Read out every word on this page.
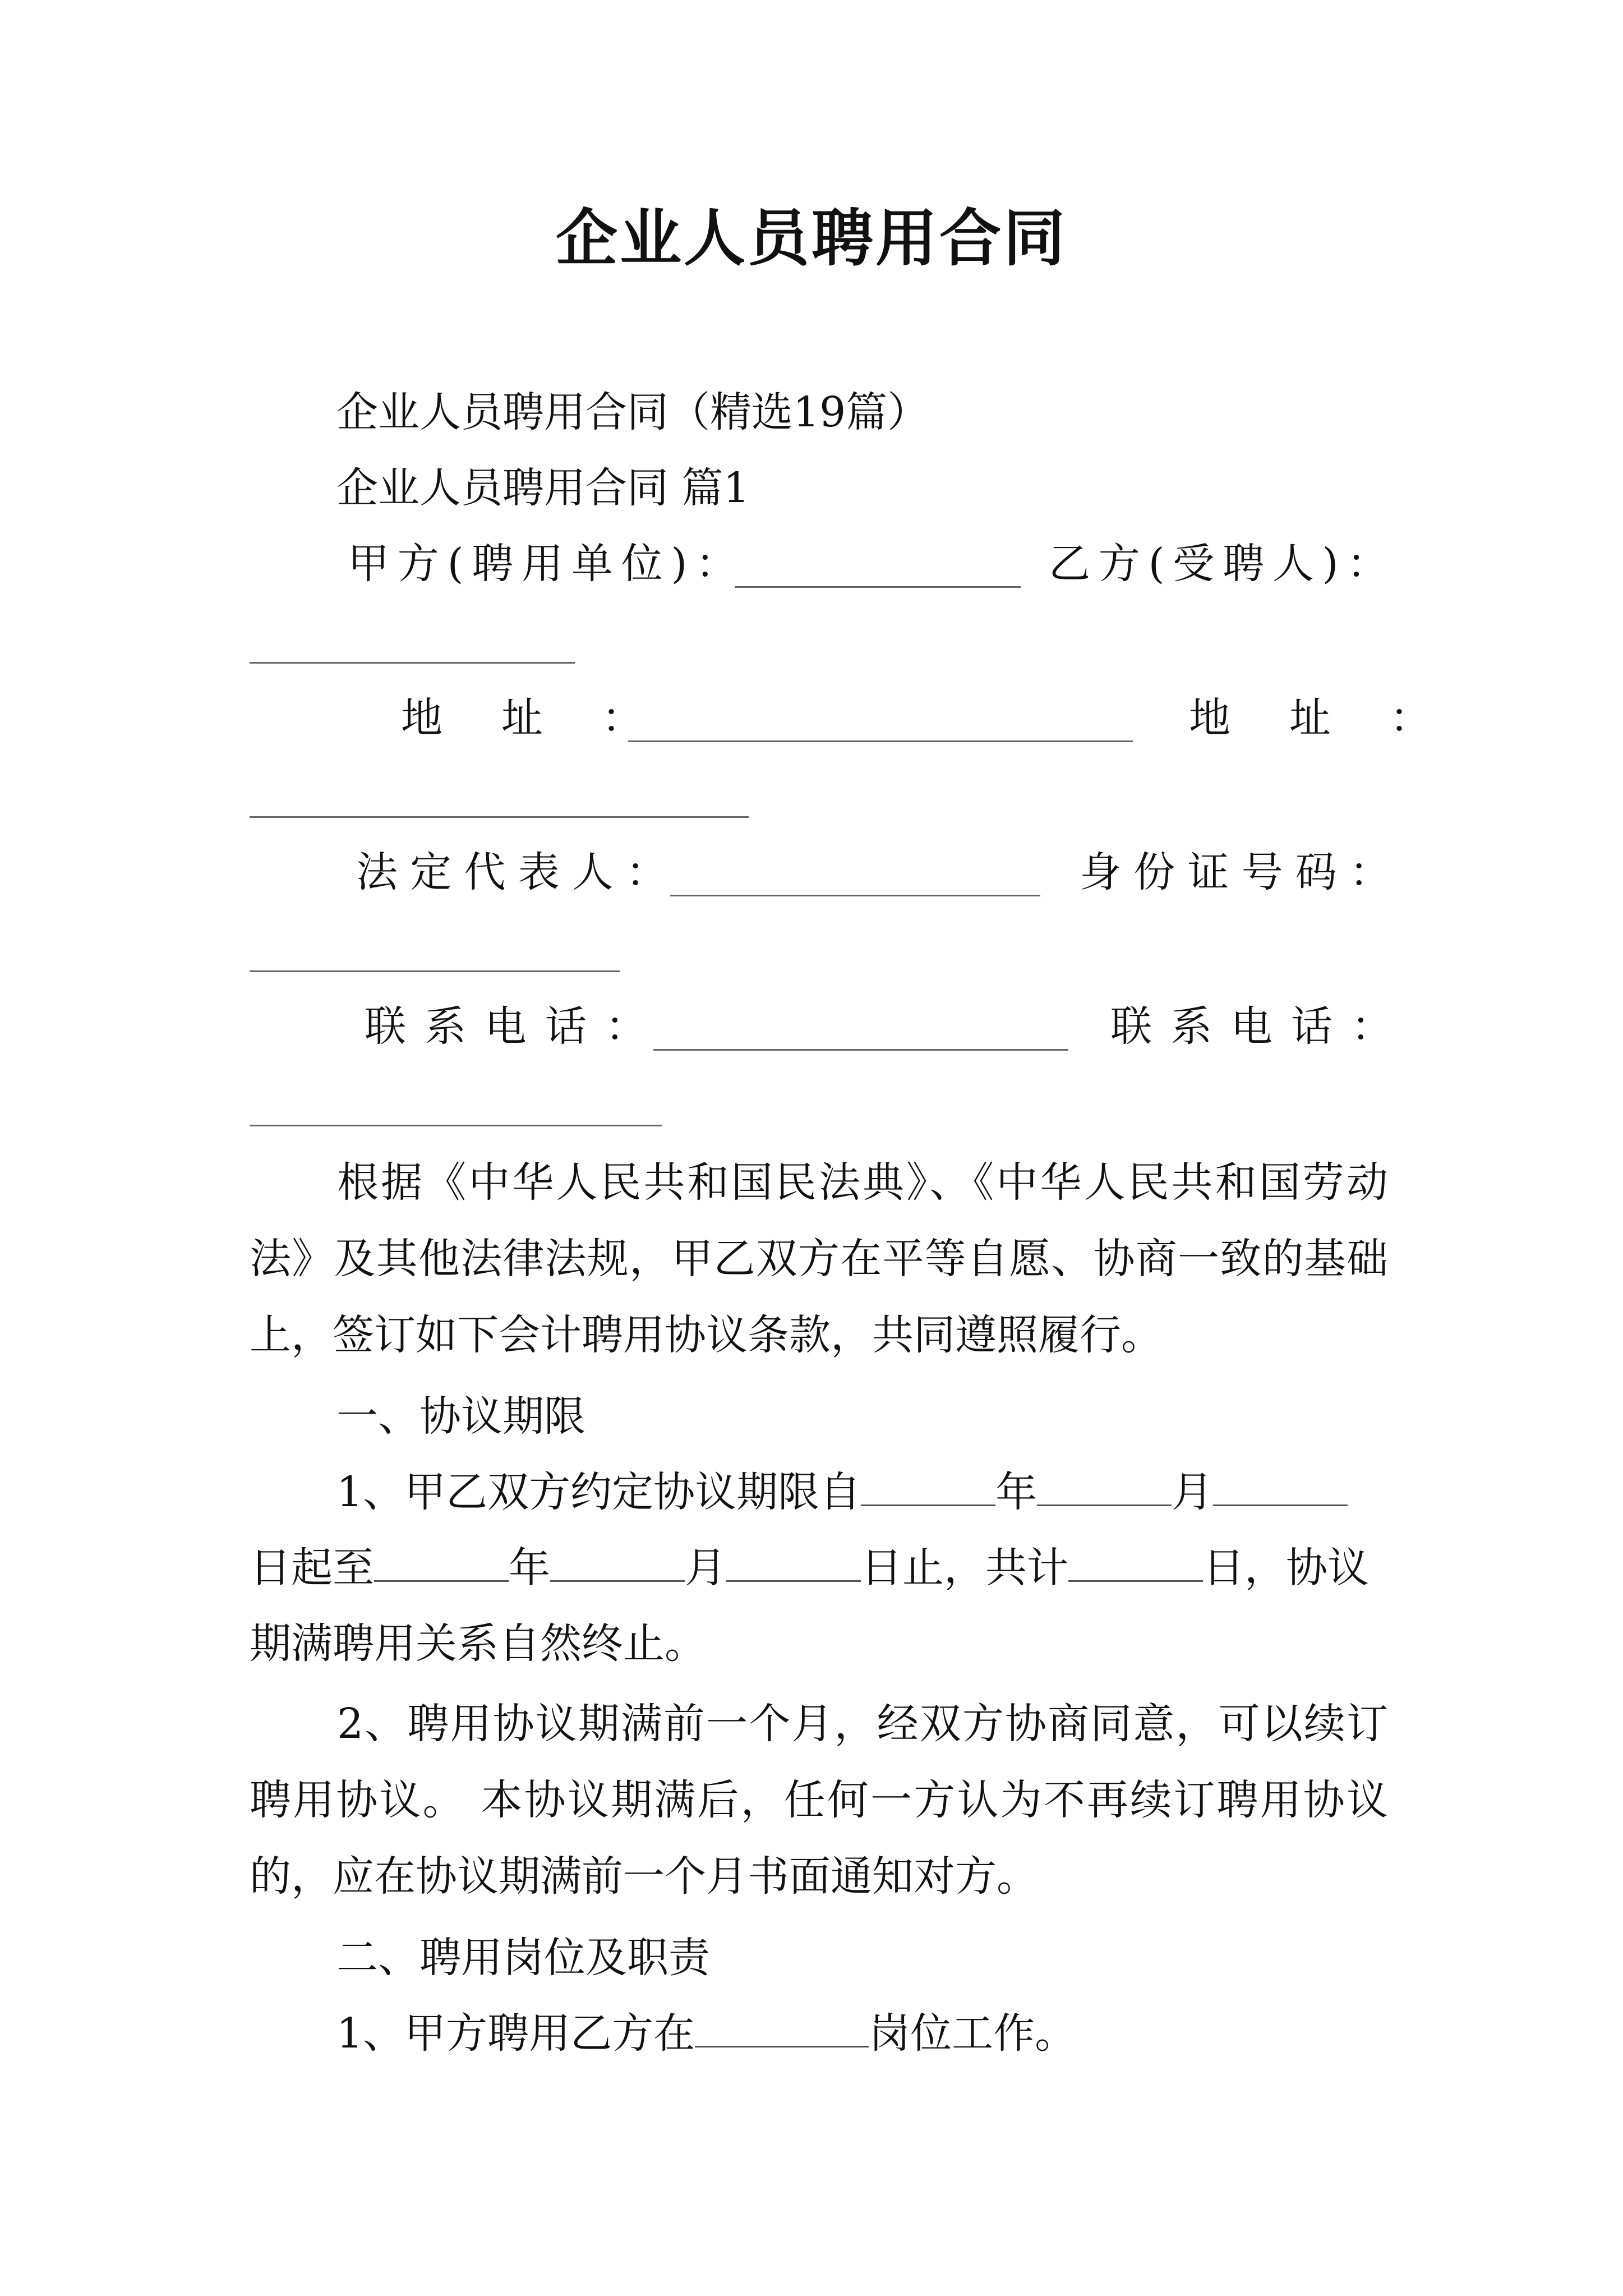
企业人员聘用合同
企业人员聘用合同（精选19篇）
企业人员聘用合同 篇1
甲方(聘用单位)：	乙方(受聘人)：
地 址 ：	地 址 ：
法定代表人：	身份证号码：
联系电话：	联系电话：
根据《中华人民共和国民法典》、《中华人民共和国劳动法》及其他法律法规，甲乙双方在平等自愿、协商一致的基础上，签订如下会计聘用协议条款，共同遵照履行。
一、协议期限
1、甲乙双方约定协议期限自	年	月
日起至	年	月	日止，共计	日，协议
期满聘用关系自然终止。
2、聘用协议期满前一个月，经双方协商同意，可以续订聘用协议。 本协议期满后，任何一方认为不再续订聘用协议的，应在协议期满前一个月书面通知对方。
二、聘用岗位及职责
1、甲方聘用乙方在	岗位工作。
